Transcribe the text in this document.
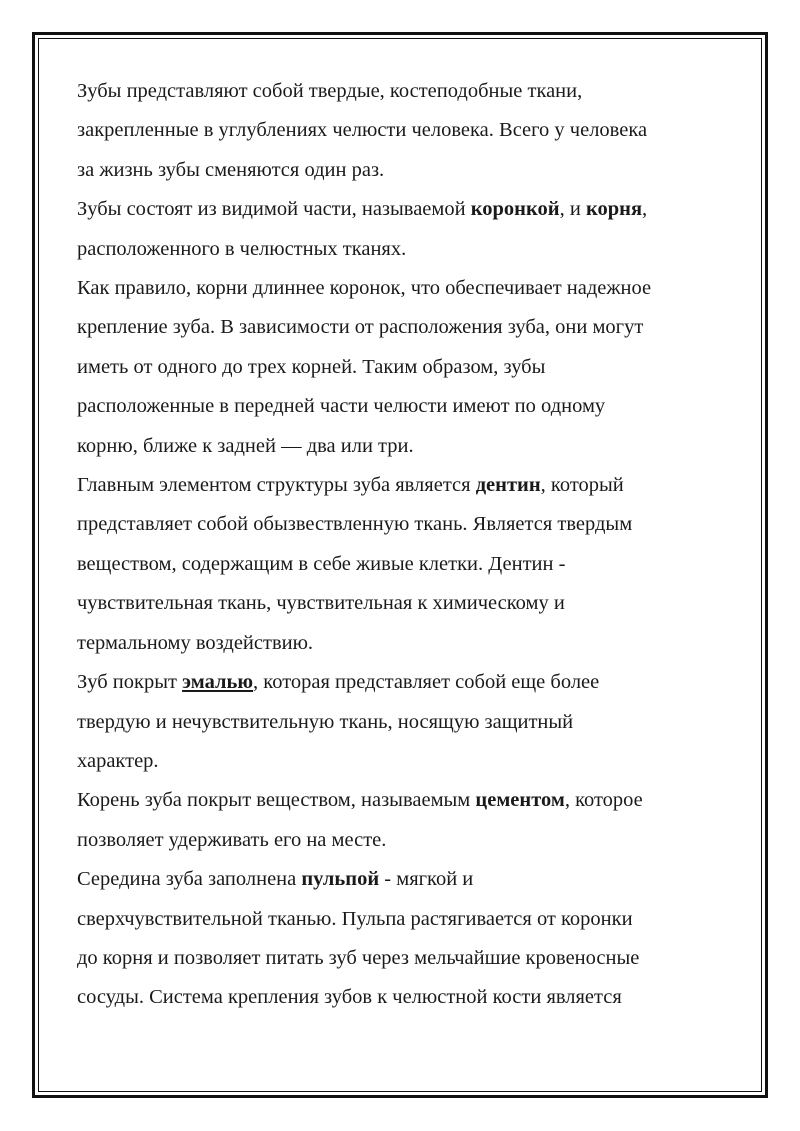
Зубы представляют собой твердые, костеподобные ткани,
закрепленные в углублениях челюсти человека. Всего у человека
за жизнь зубы сменяются один раз.

Зубы состоят из видимой части, называемой коронкой, и корня,
расположенного в челюстных тканях.

Как правило, корни длиннее коронок, что обеспечивает надежное
крепление зуба. В зависимости от расположения зуба, они могут
иметь от одного до трех корней. Таким образом, зубы
расположенные в передней части челюсти имеют по одному
корню, ближе к задней — два или три.

Главным элементом структуры зуба является дентин, который
представляет собой обызвествленную ткань. Является твердым
веществом, содержащим в себе живые клетки. Дентин -
чувствительная ткань, чувствительная к химическому и
термальному воздействию.

Зуб покрыт эмалью, которая представляет собой еще более
твердую и нечувствительную ткань, носящую защитный
характер.

Корень зуба покрыт веществом, называемым цементом, которое
позволяет удерживать его на месте.

Середина зуба заполнена пульпой - мягкой и
сверхчувствительной тканью. Пульпа растягивается от коронки
до корня и позволяет питать зуб через мельчайшие кровеносные
сосуды. Система крепления зубов к челюстной кости является
